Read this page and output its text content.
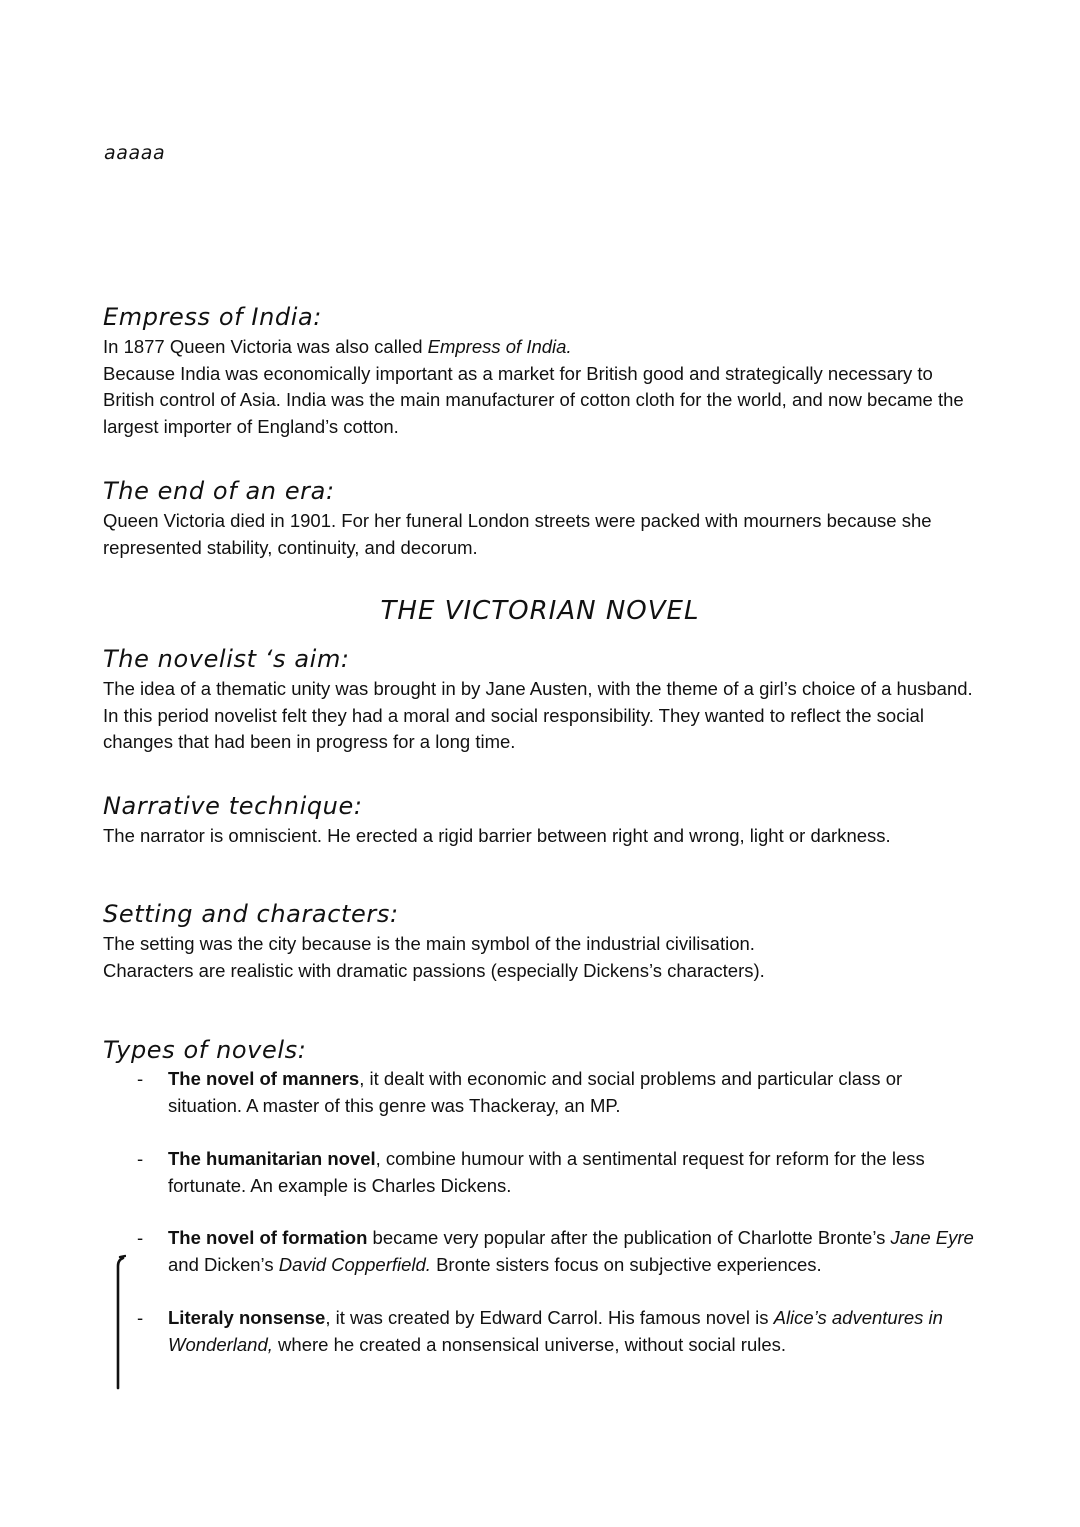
aaaaa
Empress of India:

In 1877 Queen Victoria was also called Empress of India.

Because India was economically important as a market for British good and strategically necessary to British control of Asia. India was the main manufacturer of cotton cloth for the world, and now became the largest importer of England’s cotton.

The end of an era:

Queen Victoria died in 1901. For her funeral London streets were packed with mourners because she represented stability, continuity, and decorum.

THE VICTORIAN NOVEL
The novelist ‘s aim:

The idea of a thematic unity was brought in by Jane Austen, with the theme of a girl’s choice of a husband. In this period novelist felt they had a moral and social responsibility. They wanted to reflect the social changes that had been in progress for a long time.

Narrative technique:

The narrator is omniscient. He erected a rigid barrier between right and wrong, light or darkness.

Setting and characters:

The setting was the city because is the main symbol of the industrial civilisation.

Characters are realistic with dramatic passions (especially Dickens’s characters).

Types of novels:
- The novel of manners, it dealt with economic and social problems and particular class or situation. A master of this genre was Thackeray, an MP.

- The humanitarian novel, combine humour with a sentimental request for reform for the less fortunate. An example is Charles Dickens.

- The novel of formation became very popular after the publication of Charlotte Bronte’s Jane Eyre and Dicken’s David Copperfield. Bronte sisters focus on subjective experiences.

- Literaly nonsense, it was created by Edward Carrol. His famous novel is Alice’s adventures in Wonderland, where he created a nonsensical universe, without social rules.
